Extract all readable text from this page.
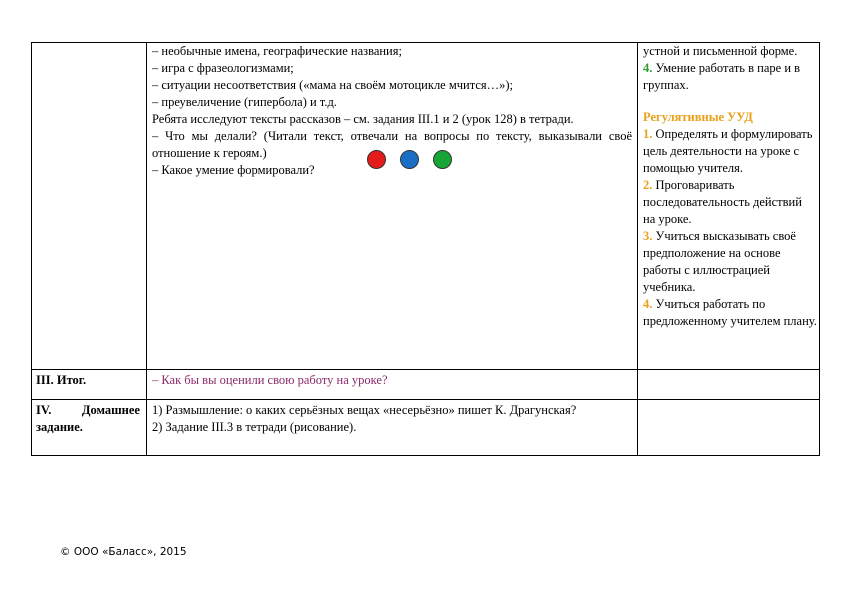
– необычные имена, географические названия;

– игра с фразеологизмами;

– ситуации несоответствия («мама на своём мотоцикле мчится…»);

– преувеличение (гипербола) и т.д.

Ребята исследуют тексты рассказов – см. задания III.1 и 2 (урок 128) в тетради.

– Что мы делали? (Читали текст, отвечали на вопросы по тексту, выказывали своё отношение к героям.)

– Какое умение формировали?

устной и письменной форме.

4. Умение работать в паре и в группах.

Регулятивные УУД

1. Определять и формулировать цель деятельности на уроке с помощью учителя.

2. Проговаривать последовательность действий на уроке.

3. Учиться высказывать своё предположение на основе работы с иллюстрацией учебника.

4. Учиться работать по предложенному учителем плану.

ІІІ. Итог.	– Как бы вы оценили свою работу на уроке?
IV. Домашнее задание.

1) Размышление: о каких серьёзных вещах «несерьёзно» пишет К. Драгунская?

2) Задание III.3 в тетради (рисование).

© ООО «Баласс», 2015
